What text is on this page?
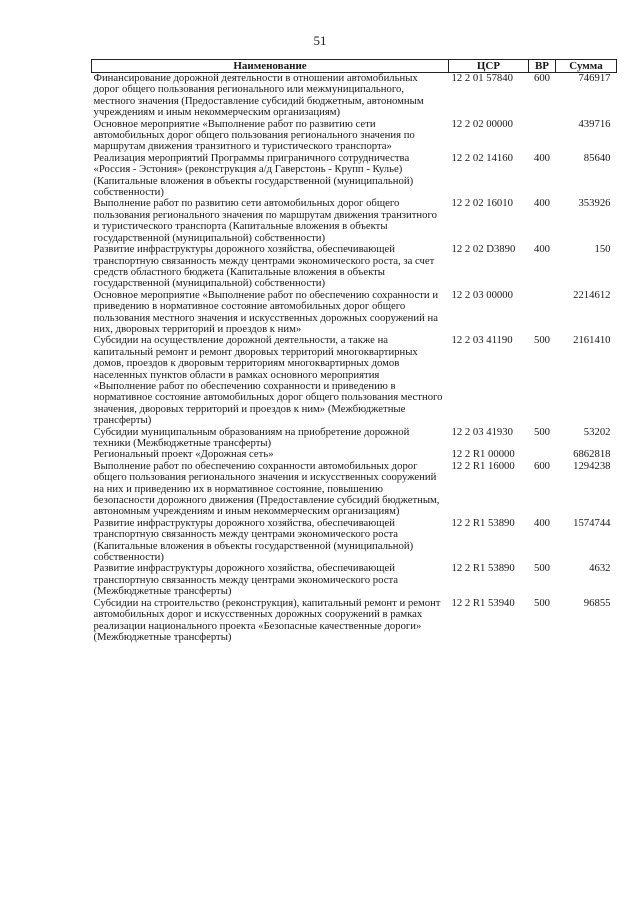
51
Наименование	ЦСР	ВР	Сумма
Финансирование дорожной деятельности в отношении автомобильных дорог общего пользования регионального или межмуниципального, местного значения (Предоставление субсидий бюджетным, автономным учреждениям и иным некоммерческим организациям)	12 2 01 57840	600	746917
Основное мероприятие «Выполнение работ по развитию сети автомобильных дорог общего пользования регионального значения по маршрутам движения транзитного и туристического транспорта»	12 2 02 00000		439716
Реализация мероприятий Программы приграничного сотрудничества «Россия - Эстония» (реконструкция а/д Гаверстонь - Крупп - Кулье) (Капитальные вложения в объекты государственной (муниципальной) собственности)	12 2 02 14160	400	85640
Выполнение работ по развитию сети автомобильных дорог общего пользования регионального значения по маршрутам движения транзитного и туристического транспорта (Капитальные вложения в объекты государственной (муниципальной) собственности)	12 2 02 16010	400	353926
Развитие инфраструктуры дорожного хозяйства, обеспечивающей транспортную связанность между центрами экономического роста, за счет средств областного бюджета (Капитальные вложения в объекты государственной (муниципальной) собственности)	12 2 02 D3890	400	150
Основное мероприятие «Выполнение работ по обеспечению сохранности и приведению в нормативное состояние автомобильных дорог общего пользования местного значения и искусственных дорожных сооружений на них, дворовых территорий и проездов к ним»	12 2 03 00000		2214612
Субсидии на осуществление дорожной деятельности, а также на капитальный ремонт и ремонт дворовых территорий многоквартирных домов, проездов к дворовым территориям многоквартирных домов населенных пунктов области в рамках основного мероприятия «Выполнение работ по обеспечению сохранности и приведению в нормативное состояние автомобильных дорог общего пользования местного значения, дворовых территорий и проездов к ним» (Межбюджетные трансферты)	12 2 03 41190	500	2161410
Субсидии муниципальным образованиям на приобретение дорожной техники (Межбюджетные трансферты)	12 2 03 41930	500	53202
Региональный проект «Дорожная сеть»	12 2 R1 00000		6862818
Выполнение работ по обеспечению сохранности автомобильных дорог общего пользования регионального значения и искусственных сооружений на них и приведению их в нормативное состояние, повышению безопасности дорожного движения (Предоставление субсидий бюджетным, автономным учреждениям и иным некоммерческим организациям)	12 2 R1 16000	600	1294238
Развитие инфраструктуры дорожного хозяйства, обеспечивающей транспортную связанность между центрами экономического роста (Капитальные вложения в объекты государственной (муниципальной) собственности)	12 2 R1 53890	400	1574744
Развитие инфраструктуры дорожного хозяйства, обеспечивающей транспортную связанность между центрами экономического роста (Межбюджетные трансферты)	12 2 R1 53890	500	4632
Субсидии на строительство (реконструкция), капитальный ремонт и ремонт автомобильных дорог и искусственных дорожных сооружений в рамках реализации национального проекта «Безопасные качественные дороги» (Межбюджетные трансферты)	12 2 R1 53940	500	96855
